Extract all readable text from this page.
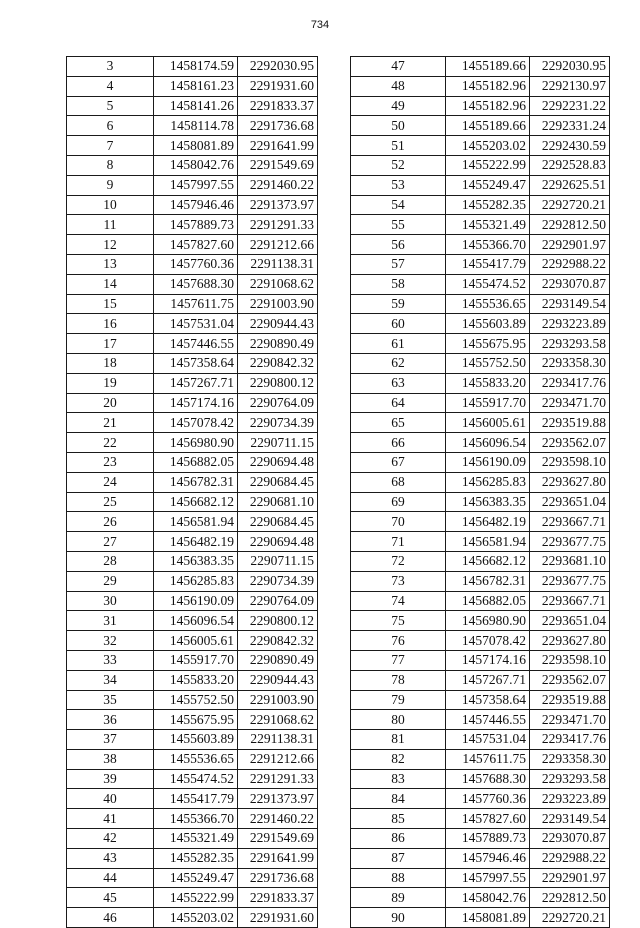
734
3	1458174.59	2292030.95
4	1458161.23	2291931.60
5	1458141.26	2291833.37
6	1458114.78	2291736.68
7	1458081.89	2291641.99
8	1458042.76	2291549.69
9	1457997.55	2291460.22
10	1457946.46	2291373.97
11	1457889.73	2291291.33
12	1457827.60	2291212.66
13	1457760.36	2291138.31
14	1457688.30	2291068.62
15	1457611.75	2291003.90
16	1457531.04	2290944.43
17	1457446.55	2290890.49
18	1457358.64	2290842.32
19	1457267.71	2290800.12
20	1457174.16	2290764.09
21	1457078.42	2290734.39
22	1456980.90	2290711.15
23	1456882.05	2290694.48
24	1456782.31	2290684.45
25	1456682.12	2290681.10
26	1456581.94	2290684.45
27	1456482.19	2290694.48
28	1456383.35	2290711.15
29	1456285.83	2290734.39
30	1456190.09	2290764.09
31	1456096.54	2290800.12
32	1456005.61	2290842.32
33	1455917.70	2290890.49
34	1455833.20	2290944.43
35	1455752.50	2291003.90
36	1455675.95	2291068.62
37	1455603.89	2291138.31
38	1455536.65	2291212.66
39	1455474.52	2291291.33
40	1455417.79	2291373.97
41	1455366.70	2291460.22
42	1455321.49	2291549.69
43	1455282.35	2291641.99
44	1455249.47	2291736.68
45	1455222.99	2291833.37
46	1455203.02	2291931.60
47	1455189.66	2292030.95
48	1455182.96	2292130.97
49	1455182.96	2292231.22
50	1455189.66	2292331.24
51	1455203.02	2292430.59
52	1455222.99	2292528.83
53	1455249.47	2292625.51
54	1455282.35	2292720.21
55	1455321.49	2292812.50
56	1455366.70	2292901.97
57	1455417.79	2292988.22
58	1455474.52	2293070.87
59	1455536.65	2293149.54
60	1455603.89	2293223.89
61	1455675.95	2293293.58
62	1455752.50	2293358.30
63	1455833.20	2293417.76
64	1455917.70	2293471.70
65	1456005.61	2293519.88
66	1456096.54	2293562.07
67	1456190.09	2293598.10
68	1456285.83	2293627.80
69	1456383.35	2293651.04
70	1456482.19	2293667.71
71	1456581.94	2293677.75
72	1456682.12	2293681.10
73	1456782.31	2293677.75
74	1456882.05	2293667.71
75	1456980.90	2293651.04
76	1457078.42	2293627.80
77	1457174.16	2293598.10
78	1457267.71	2293562.07
79	1457358.64	2293519.88
80	1457446.55	2293471.70
81	1457531.04	2293417.76
82	1457611.75	2293358.30
83	1457688.30	2293293.58
84	1457760.36	2293223.89
85	1457827.60	2293149.54
86	1457889.73	2293070.87
87	1457946.46	2292988.22
88	1457997.55	2292901.97
89	1458042.76	2292812.50
90	1458081.89	2292720.21
